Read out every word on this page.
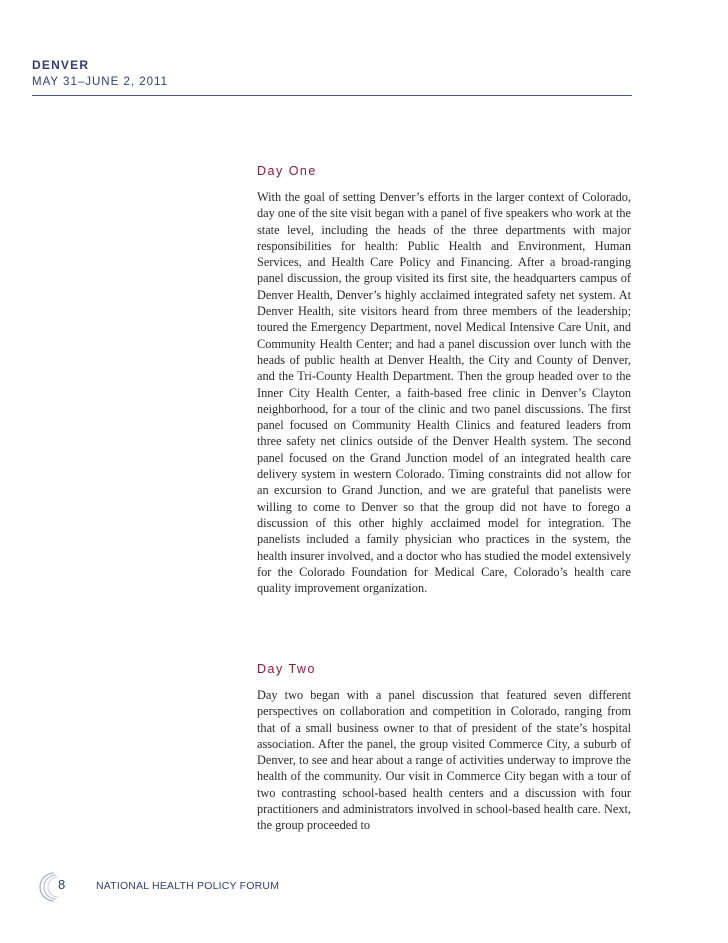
DENVER
MAY 31–JUNE 2, 2011
Day One

With the goal of setting Denver’s efforts in the larger context of Colorado, day one of the site visit began with a panel of five speakers who work at the state level, including the heads of the three departments with major responsibilities for health: Public Health and Environment, Human Services, and Health Care Policy and Financing. After a broad-ranging panel discussion, the group visited its first site, the headquarters campus of Denver Health, Denver’s highly acclaimed integrated safety net system. At Denver Health, site visitors heard from three members of the leadership; toured the Emergency Department, novel Medical Intensive Care Unit, and Community Health Center; and had a panel discussion over lunch with the heads of public health at Denver Health, the City and County of Denver, and the Tri-County Health Department. Then the group headed over to the Inner City Health Center, a faith-based free clinic in Denver’s Clayton neighborhood, for a tour of the clinic and two panel discussions. The first panel focused on Community Health Clinics and featured leaders from three safety net clinics outside of the Denver Health system. The second panel focused on the Grand Junction model of an integrated health care delivery system in western Colorado. Timing constraints did not allow for an excursion to Grand Junction, and we are grateful that panelists were willing to come to Denver so that the group did not have to forego a discussion of this other highly acclaimed model for integration. The panelists included a family physician who practices in the system, the health insurer involved, and a doctor who has studied the model extensively for the Colorado Foundation for Medical Care, Colorado’s health care quality improvement organization.

Day Two

Day two began with a panel discussion that featured seven different perspectives on collaboration and competition in Colorado, ranging from that of a small business owner to that of president of the state’s hospital association. After the panel, the group visited Commerce City, a suburb of Denver, to see and hear about a range of activities underway to improve the health of the community. Our visit in Commerce City began with a tour of two contrasting school-based health centers and a discussion with four practitioners and administrators involved in school-based health care. Next, the group proceeded to

8	NATIONAL HEALTH POLICY FORUM
